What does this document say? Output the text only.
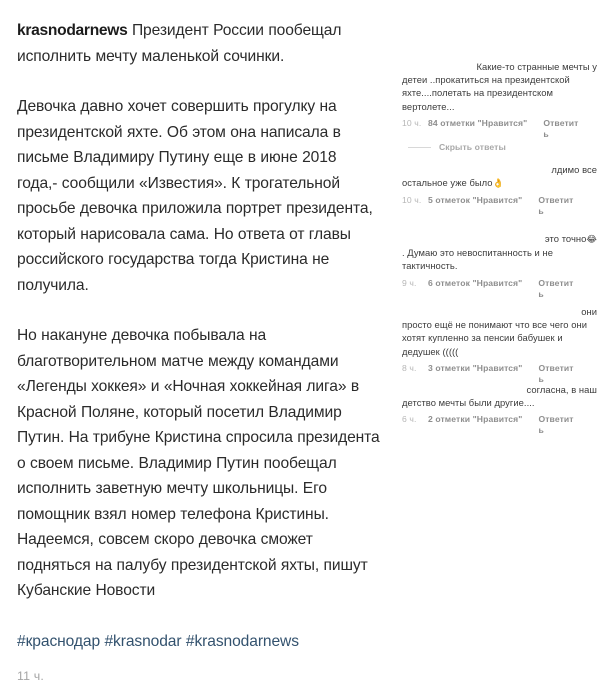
krasnodarnews Президент России пообещал исполнить мечту маленькой сочинки.
Девочка давно хочет совершить прогулку на президентской яхте. Об этом она написала в письме Владимиру Путину еще в июне 2018 года,- сообщили «Известия». К трогательной просьбе девочка приложила портрет президента, который нарисовала сама. Но ответа от главы российского государства тогда Кристина не получила.
Но накануне девочка побывала на благотворительном матче между командами «Легенды хоккея» и «Ночная хоккейная лига» в Красной Поляне, который посетил Владимир Путин. На трибуне Кристина спросила президента о своем письме. Владимир Путин пообещал исполнить заветную мечту школьницы. Его помощник взял номер телефона Кристины. Надеемся, совсем скоро девочка сможет подняться на палубу президентской яхты, пишут Кубанские Новости
#краснодар #krasnodar #krasnodarnews
11 ч.
Какие-то странные мечты у
детеи ..прокатиться на президентской яхте....полетать на президентском вертолете...
10 ч. 84 отметки "Нравится" Ответить
Скрыть ответы
лдимо все
остальное уже было👌
10 ч. 5 отметок "Нравится" Ответить
это точно😂
. Думаю это невоспитанность и не тактичность.
9 ч.	6 отметок "Нравится" Ответить
они
просто ещё не понимают что все чего они хотят купленно за пенсии бабушек и дедушек (((((
8 ч.	3 отметки "Нравится" Ответить
согласна, в наш
детство мечты были другие....
6 ч.	2 отметки "Нравится" Ответить
